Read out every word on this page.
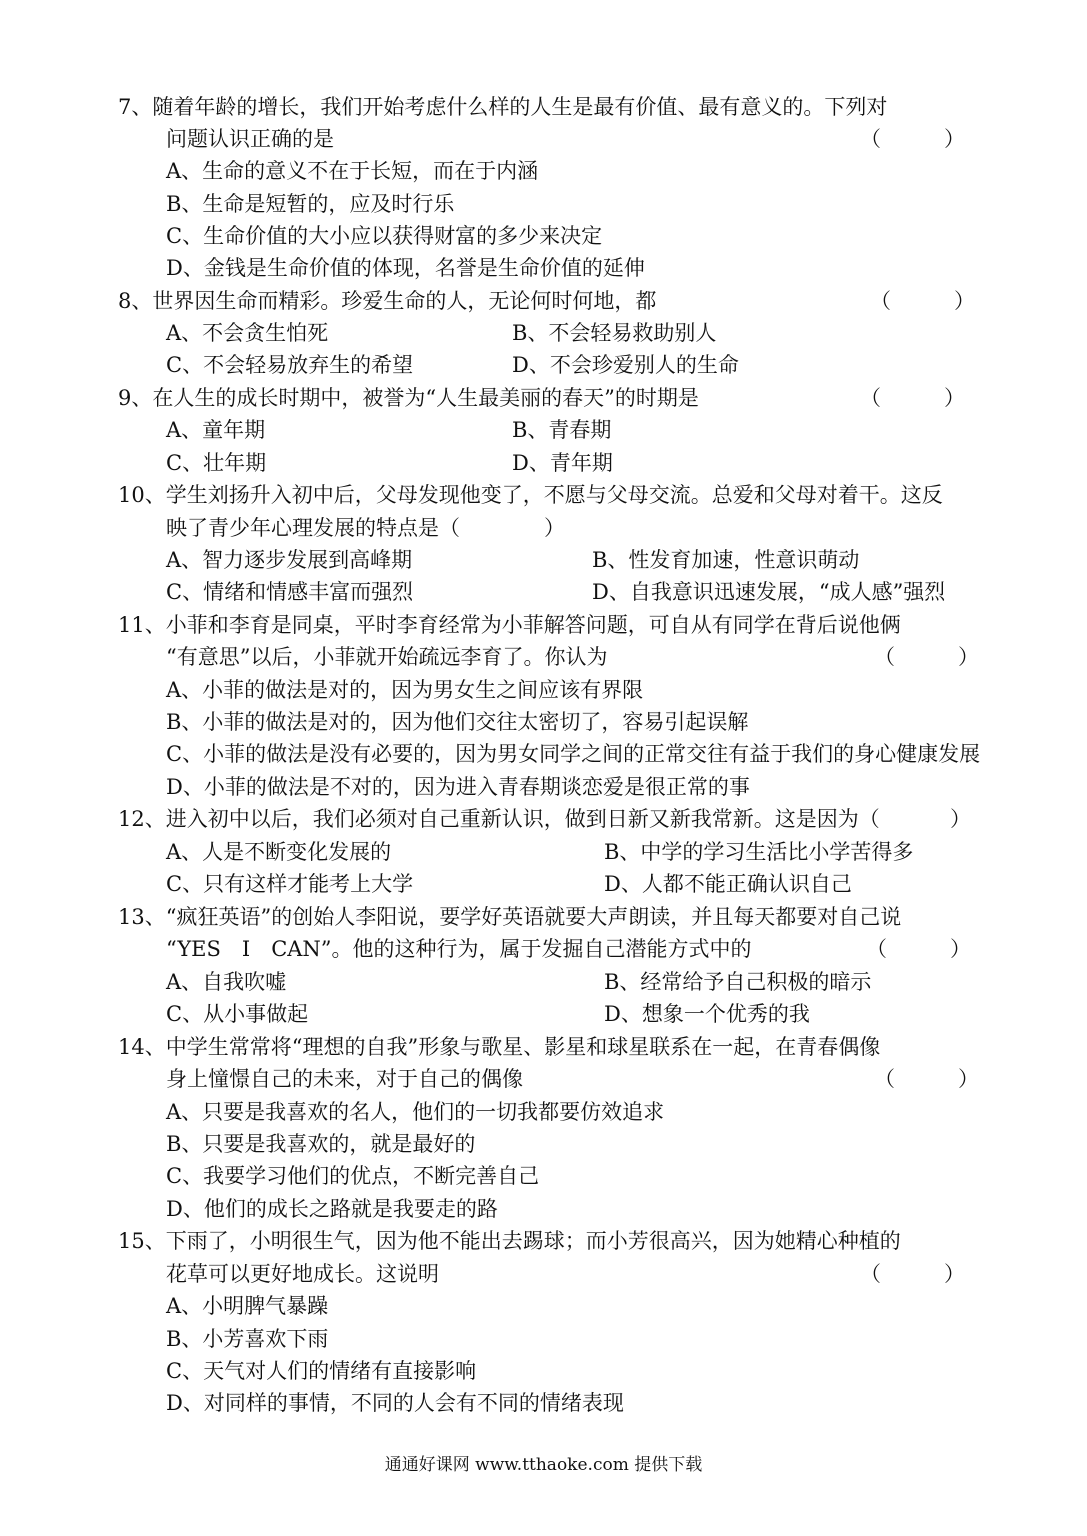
7、随着年龄的增长，我们开始考虑什么样的人生是最有价值、最有意义的。下列对
问题认识正确的是	（　　　）
A、生命的意义不在于长短，而在于内涵
B、生命是短暂的，应及时行乐
C、生命价值的大小应以获得财富的多少来决定
D、金钱是生命价值的体现，名誉是生命价值的延伸
8、世界因生命而精彩。珍爱生命的人，无论何时何地，都	（　　　）
A、不会贪生怕死	B、不会轻易救助别人
C、不会轻易放弃生的希望	D、不会珍爱别人的生命
9、在人生的成长时期中，被誉为“人生最美丽的春天”的时期是	（　　　）
A、童年期	B、青春期
C、壮年期	D、青年期
10、学生刘扬升入初中后，父母发现他变了，不愿与父母交流。总爱和父母对着干。这反
映了青少年心理发展的特点是（　　　　）
A、智力逐步发展到高峰期	B、性发育加速，性意识萌动
C、情绪和情感丰富而强烈	D、自我意识迅速发展，“成人感”强烈
11、小菲和李育是同桌，平时李育经常为小菲解答问题，可自从有同学在背后说他俩
“有意思”以后，小菲就开始疏远李育了。你认为	（　　　）
A、小菲的做法是对的，因为男女生之间应该有界限
B、小菲的做法是对的，因为他们交往太密切了，容易引起误解
C、小菲的做法是没有必要的，因为男女同学之间的正常交往有益于我们的身心健康发展
D、小菲的做法是不对的，因为进入青春期谈恋爱是很正常的事
12、进入初中以后，我们必须对自己重新认识，做到日新又新我常新。这是因为（	）
A、人是不断变化发展的	B、中学的学习生活比小学苦得多
C、只有这样才能考上大学	D、人都不能正确认识自己
13、“疯狂英语”的创始人李阳说，要学好英语就要大声朗读，并且每天都要对自己说
“YES　I　CAN”。他的这种行为，属于发掘自己潜能方式中的	（　　　）
A、自我吹嘘	B、经常给予自己积极的暗示
C、从小事做起	D、想象一个优秀的我
14、中学生常常将“理想的自我”形象与歌星、影星和球星联系在一起，在青春偶像
身上憧憬自己的未来，对于自己的偶像	（　　　）
A、只要是我喜欢的名人，他们的一切我都要仿效追求
B、只要是我喜欢的，就是最好的
C、我要学习他们的优点，不断完善自己
D、他们的成长之路就是我要走的路
15、下雨了，小明很生气，因为他不能出去踢球；而小芳很高兴，因为她精心种植的
花草可以更好地成长。这说明	（　　　）
A、小明脾气暴躁
B、小芳喜欢下雨
C、天气对人们的情绪有直接影响
D、对同样的事情，不同的人会有不同的情绪表现
通通好课网 www.tthaoke.com 提供下载
